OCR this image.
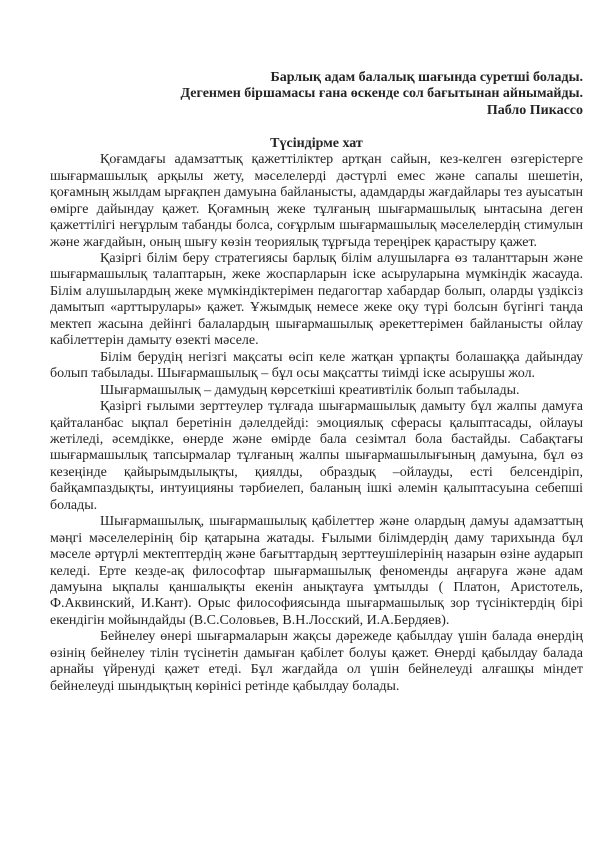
Барлық адам балалық шағында суретші болады.
Дегенмен біршамасы ғана өскенде сол бағытынан айнымайды.
Пабло Пикассо
Түсіндірме хат

Қоғамдағы адамзаттық қажеттіліктер артқан сайын, кез-келген өзгерістерге шығармашылық арқылы жету, мәселелерді дәстүрлі емес және сапалы шешетін, қоғамның жылдам ырғақпен дамуына байланысты, адамдарды жағдайлары тез ауысатын өмірге дайындау қажет. Қоғамның жеке тұлғаның шығармашылық ынтасына деген қажеттілігі неғұрлым табанды болса, соғұрлым шығармашылық мәселелердің стимулын және жағдайын, оның шығу көзін теориялық тұрғыда тереңірек қарастыру қажет.

Қазіргі білім беру стратегиясы барлық білім алушыларға өз таланттарын және шығармашылық талаптарын, жеке жоспарларын іске асыруларына мүмкіндік жасауда. Білім алушылардың жеке мүмкіндіктерімен педагогтар хабардар болып, оларды үздіксіз дамытып «арттырулары» қажет. Ұжымдық немесе жеке оқу түрі болсын бүгінгі таңда мектеп жасына дейінгі балалардың шығармашылық әрекеттерімен байланысты ойлау кабілеттерін дамыту өзекті мәселе.

Білім берудің негізгі мақсаты өсіп келе жатқан ұрпақты болашаққа дайындау болып табылады. Шығармашылық – бұл осы мақсатты тиімді іске асырушы жол.

Шығармашылық – дамудың көрсеткіші креативтілік болып табылады.

Қазіргі ғылыми зерттеулер тұлғада шығармашылық дамыту бұл жалпы дамуға қайталанбас ықпал беретінін дәлелдейді: эмоциялық сферасы қалыптасады, ойлауы жетіледі, әсемдікке, өнерде және өмірде бала сезімтал бола бастайды. Сабақтағы шығармашылық тапсырмалар тұлғаның жалпы шығармашылығының дамуына, бұл өз кезеңінде қайырымдылықты, қиялды, образдық –ойлауды, есті белсендіріп, байқампаздықты, интуицияны тәрбиелеп, баланың ішкі әлемін қалыптасуына себепші болады.

Шығармашылық, шығармашылық қабілеттер және олардың дамуы адамзаттың мәңгі мәселелерінің бір қатарына жатады. Ғылыми білімдердің даму тарихында бұл мәселе әртүрлі мектептердің және бағыттардың зерттеушілерінің назарын өзіне аударып келеді. Ерте кезде-ақ философтар шығармашылық феноменды аңғаруға және адам дамуына ықпалы қаншалықты екенін анықтауға ұмтылды ( Платон, Аристотель, Ф.Аквинский, И.Кант). Орыс философиясында шығармашылық зор түсініктердің бірі екендігін мойындайды (В.С.Соловьев, В.Н.Лосский, И.А.Бердяев).

Бейнелеу өнері шығармаларын жақсы дәрежеде қабылдау үшін балада өнердің өзінің бейнелеу тілін түсінетін дамыған қабілет болуы қажет. Өнерді қабылдау балада арнайы үйренуді қажет етеді. Бұл жағдайда ол үшін бейнелеуді алғашқы міндет бейнелеуді шындықтың көрінісі ретінде қабылдау болады.
